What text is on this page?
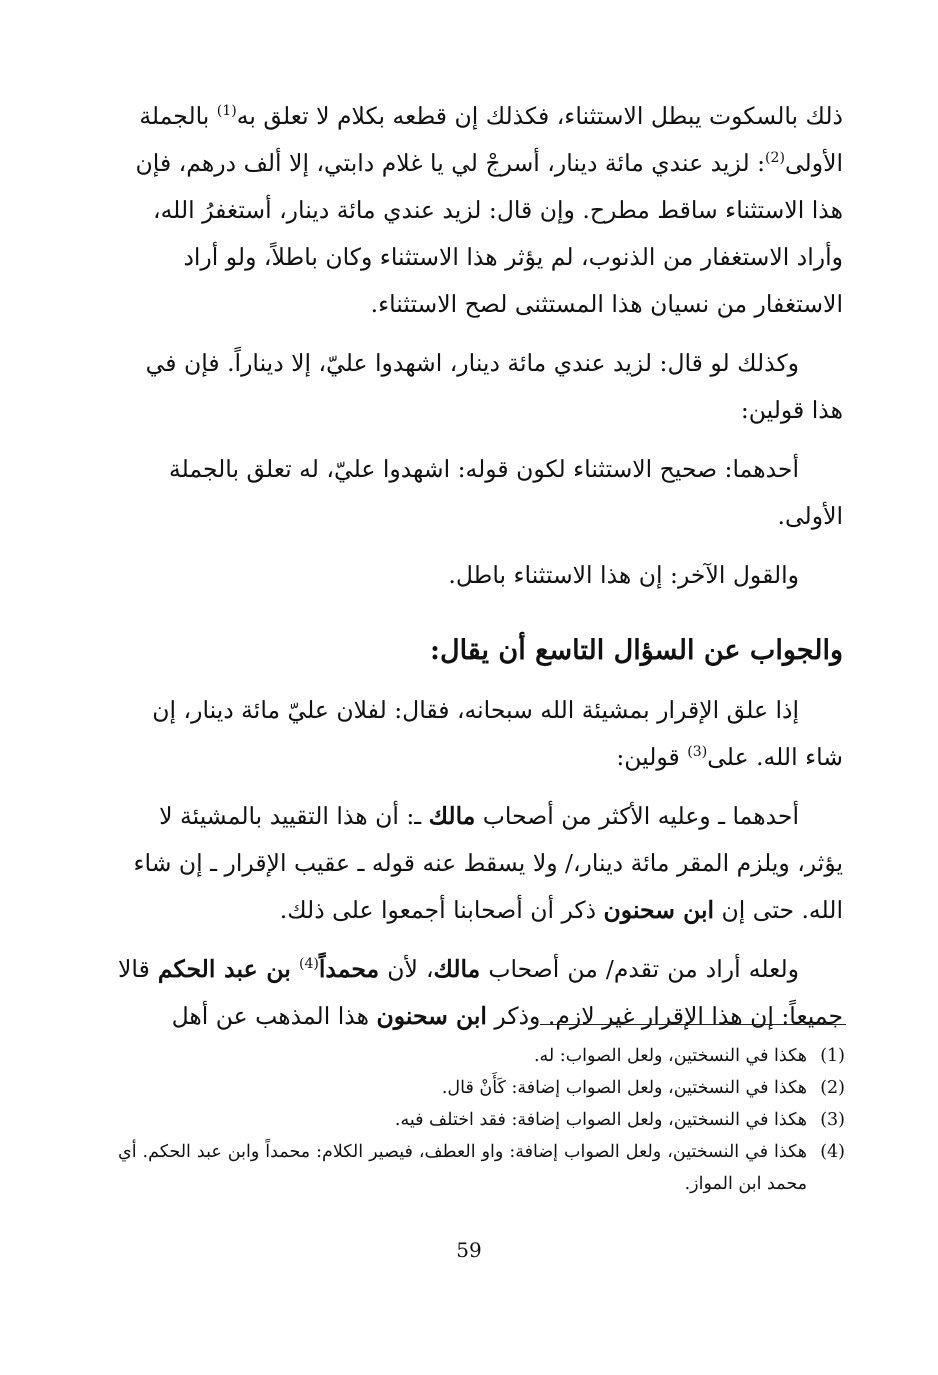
ذلك بالسكوت يبطل الاستثناء، فكذلك إن قطعه بكلام لا تعلق به$^{(1)}$ بالجملة الأولى$^{(2)}$: لزيد عندي مائة دينار، أسرجْ لي يا غلام دابتي، إلا ألف درهم، فإن هذا الاستثناء ساقط مطرح. وإن قال: لزيد عندي مائة دينار، أستغفرُ الله، وأراد الاستغفار من الذنوب، لم يؤثر هذا الاستثناء وكان باطلاً، ولو أراد الاستغفار من نسيان هذا المستثنى لصح الاستثناء.

وكذلك لو قال: لزيد عندي مائة دينار، اشهدوا عليّ، إلا ديناراً. فإن في هذا قولين:

أحدهما: صحيح الاستثناء لكون قوله: اشهدوا عليّ، له تعلق بالجملة الأولى.

والقول الآخر: إن هذا الاستثناء باطل.

والجواب عن السؤال التاسع أن يقال:

إذا علق الإقرار بمشيئة الله سبحانه، فقال: لفلان عليّ مائة دينار، إن شاء الله. على$^{(3)}$ قولين:

أحدهما ـ وعليه الأكثر من أصحاب مالك ـ: أن هذا التقييد بالمشيئة لا يؤثر، ويلزم المقر مائة دينار،/ ولا يسقط عنه قوله ـ عقيب الإقرار ـ إن شاء الله. حتى إن ابن سحنون ذكر أن أصحابنا أجمعوا على ذلك.

ولعله أراد من تقدم/ من أصحاب مالك، لأن محمداً$^{(4)}$ بن عبد الحكم قالا جميعاً: إن هذا الإقرار غير لازم. وذكر ابن سحنون هذا المذهب عن أهل

(1)
هكذا في النسختين، ولعل الصواب: له.
(2)
هكذا في النسختين، ولعل الصواب إضافة: كَأَنْ قال.
(3)
هكذا في النسختين، ولعل الصواب إضافة: فقد اختلف فيه.
(4)
هكذا في النسختين، ولعل الصواب إضافة: واو العطف، فيصير الكلام: محمداً وابن عبد الحكم. أي محمد ابن المواز.
59
